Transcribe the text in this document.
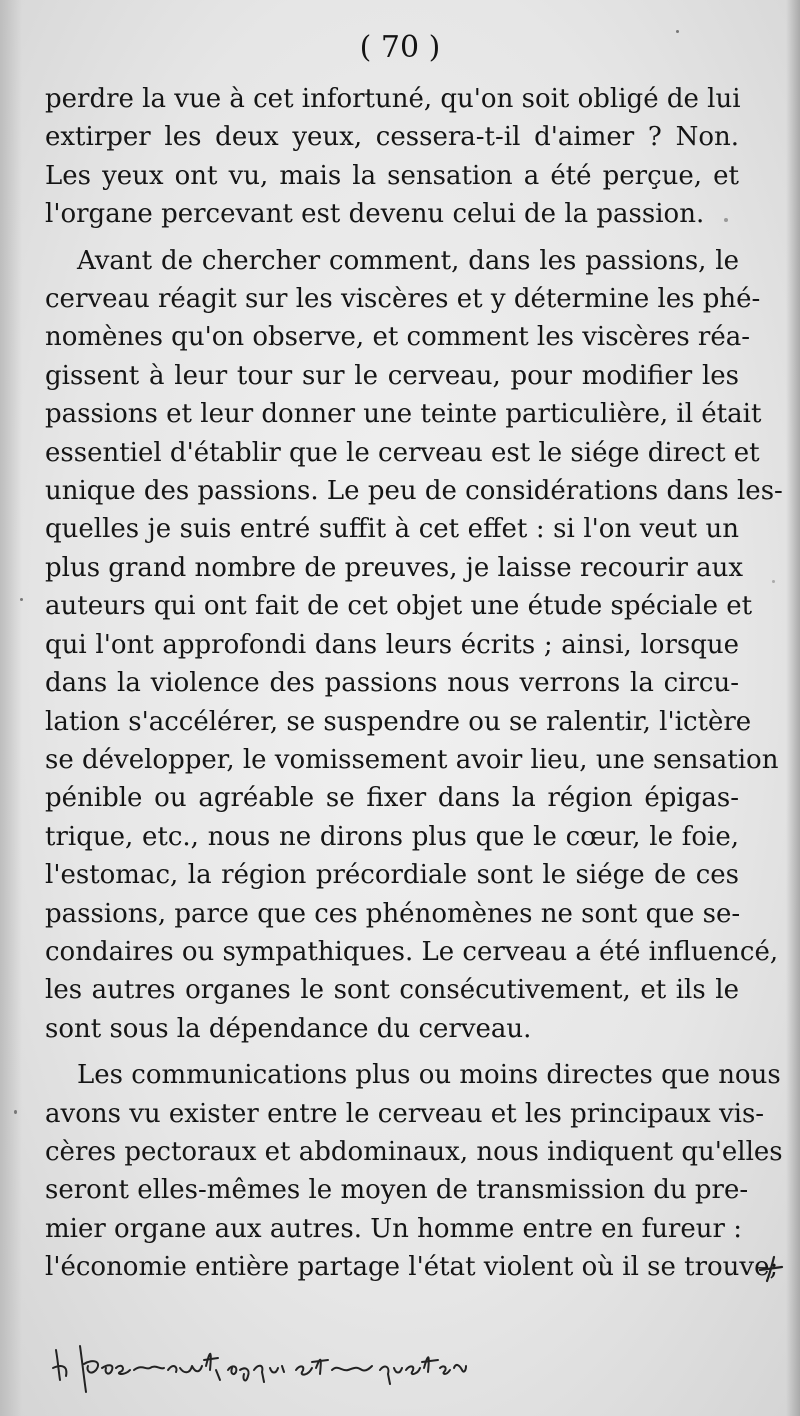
( 70 )
perdre la vue à cet infortuné, qu'on soit obligé de lui
extirper les deux yeux, cessera-t-il d'aimer ? Non.
Les yeux ont vu, mais la sensation a été perçue, et
l'organe percevant est devenu celui de la passion.
Avant de chercher comment, dans les passions, le
cerveau réagit sur les viscères et y détermine les phé-
nomènes qu'on observe, et comment les viscères réa-
gissent à leur tour sur le cerveau, pour modifier les
passions et leur donner une teinte particulière, il était
essentiel d'établir que le cerveau est le siége direct et
unique des passions. Le peu de considérations dans les-
quelles je suis entré suffit à cet effet : si l'on veut un
plus grand nombre de preuves, je laisse recourir aux
auteurs qui ont fait de cet objet une étude spéciale et
qui l'ont approfondi dans leurs écrits ; ainsi, lorsque
dans la violence des passions nous verrons la circu-
lation s'accélérer, se suspendre ou se ralentir, l'ictère
se développer, le vomissement avoir lieu, une sensation
pénible ou agréable se fixer dans la région épigas-
trique, etc., nous ne dirons plus que le cœur, le foie,
l'estomac, la région précordiale sont le siége de ces
passions, parce que ces phénomènes ne sont que se-
condaires ou sympathiques. Le cerveau a été influencé,
les autres organes le sont consécutivement, et ils le
sont sous la dépendance du cerveau.
Les communications plus ou moins directes que nous
avons vu exister entre le cerveau et les principaux vis-
cères pectoraux et abdominaux, nous indiquent qu'elles
seront elles-mêmes le moyen de transmission du pre-
mier organe aux autres. Un homme entre en fureur :
l'économie entière partage l'état violent où il se trouve;
